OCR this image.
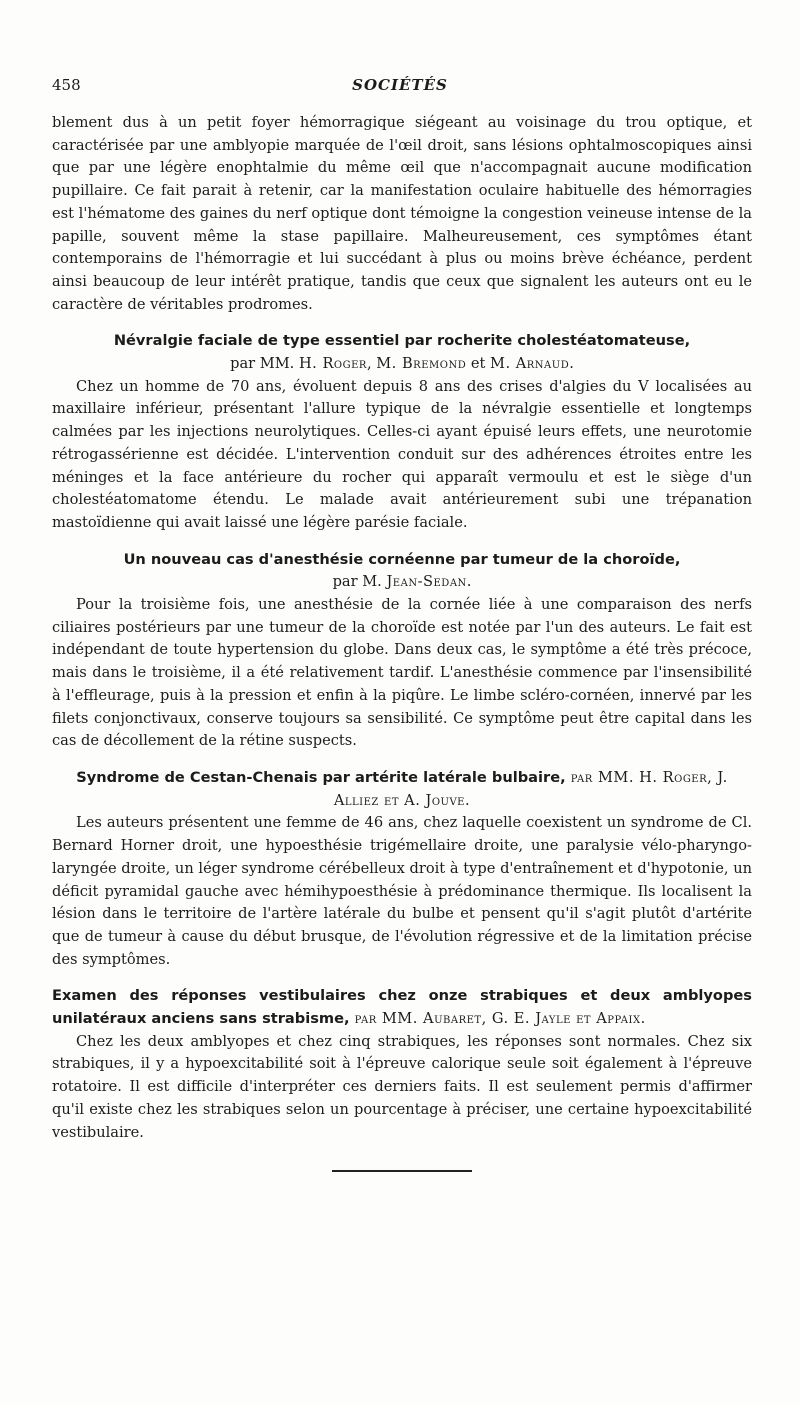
458	SOCIÉTÉS

blement dus à un petit foyer hémorragique siégeant au voisinage du trou optique, et caractérisée par une amblyopie marquée de l'œil droit, sans lésions ophtalmoscopiques ainsi que par une légère enophtalmie du même œil que n'accompagnait aucune modification pupillaire. Ce fait parait à retenir, car la manifestation oculaire habituelle des hémorragies est l'hématome des gaines du nerf optique dont témoigne la congestion veineuse intense de la papille, souvent même la stase papillaire. Malheureusement, ces symptômes étant contemporains de l'hémorragie et lui succédant à plus ou moins brève échéance, perdent ainsi beaucoup de leur intérêt pratique, tandis que ceux que signalent les auteurs ont eu le caractère de véritables prodromes.

Névralgie faciale de type essentiel par rocherite cholestéatomateuse,

par MM. H. Roger, M. Bremond et M. Arnaud.

Chez un homme de 70 ans, évoluent depuis 8 ans des crises d'algies du V localisées au maxillaire inférieur, présentant l'allure typique de la névralgie essentielle et longtemps calmées par les injections neurolytiques. Celles-ci ayant épuisé leurs effets, une neurotomie rétrogassérienne est décidée. L'intervention conduit sur des adhérences étroites entre les méninges et la face antérieure du rocher qui apparaît vermoulu et est le siège d'un cholestéatomatome étendu. Le malade avait antérieurement subi une trépanation mastoïdienne qui avait laissé une légère parésie faciale.

Un nouveau cas d'anesthésie cornéenne par tumeur de la choroïde,

par M. Jean-Sedan.

Pour la troisième fois, une anesthésie de la cornée liée à une comparaison des nerfs ciliaires postérieurs par une tumeur de la choroïde est notée par l'un des auteurs. Le fait est indépendant de toute hypertension du globe. Dans deux cas, le symptôme a été très précoce, mais dans le troisième, il a été relativement tardif. L'anesthésie commence par l'insensibilité à l'effleurage, puis à la pression et enfin à la piqûre. Le limbe scléro-cornéen, innervé par les filets conjonctivaux, conserve toujours sa sensibilité. Ce symptôme peut être capital dans les cas de décollement de la rétine suspects.

Syndrome de Cestan-Chenais par artérite latérale bulbaire, par MM. H. Roger, J. Alliez et A. Jouve.

Les auteurs présentent une femme de 46 ans, chez laquelle coexistent un syndrome de Cl. Bernard Horner droit, une hypoesthésie trigémellaire droite, une paralysie vélo-pharyngo-laryngée droite, un léger syndrome cérébelleux droit à type d'entraînement et d'hypotonie, un déficit pyramidal gauche avec hémihypoesthésie à prédominance thermique. Ils localisent la lésion dans le territoire de l'artère latérale du bulbe et pensent qu'il s'agit plutôt d'artérite que de tumeur à cause du début brusque, de l'évolution régressive et de la limitation précise des symptômes.

Examen des réponses vestibulaires chez onze strabiques et deux amblyopes unilatéraux anciens sans strabisme, par MM. Aubaret, G. E. Jayle et Appaix.

Chez les deux amblyopes et chez cinq strabiques, les réponses sont normales. Chez six strabiques, il y a hypoexcitabilité soit à l'épreuve calorique seule soit également à l'épreuve rotatoire. Il est difficile d'interpréter ces derniers faits. Il est seulement permis d'affirmer qu'il existe chez les strabiques selon un pourcentage à préciser, une certaine hypoexcitabilité vestibulaire.
